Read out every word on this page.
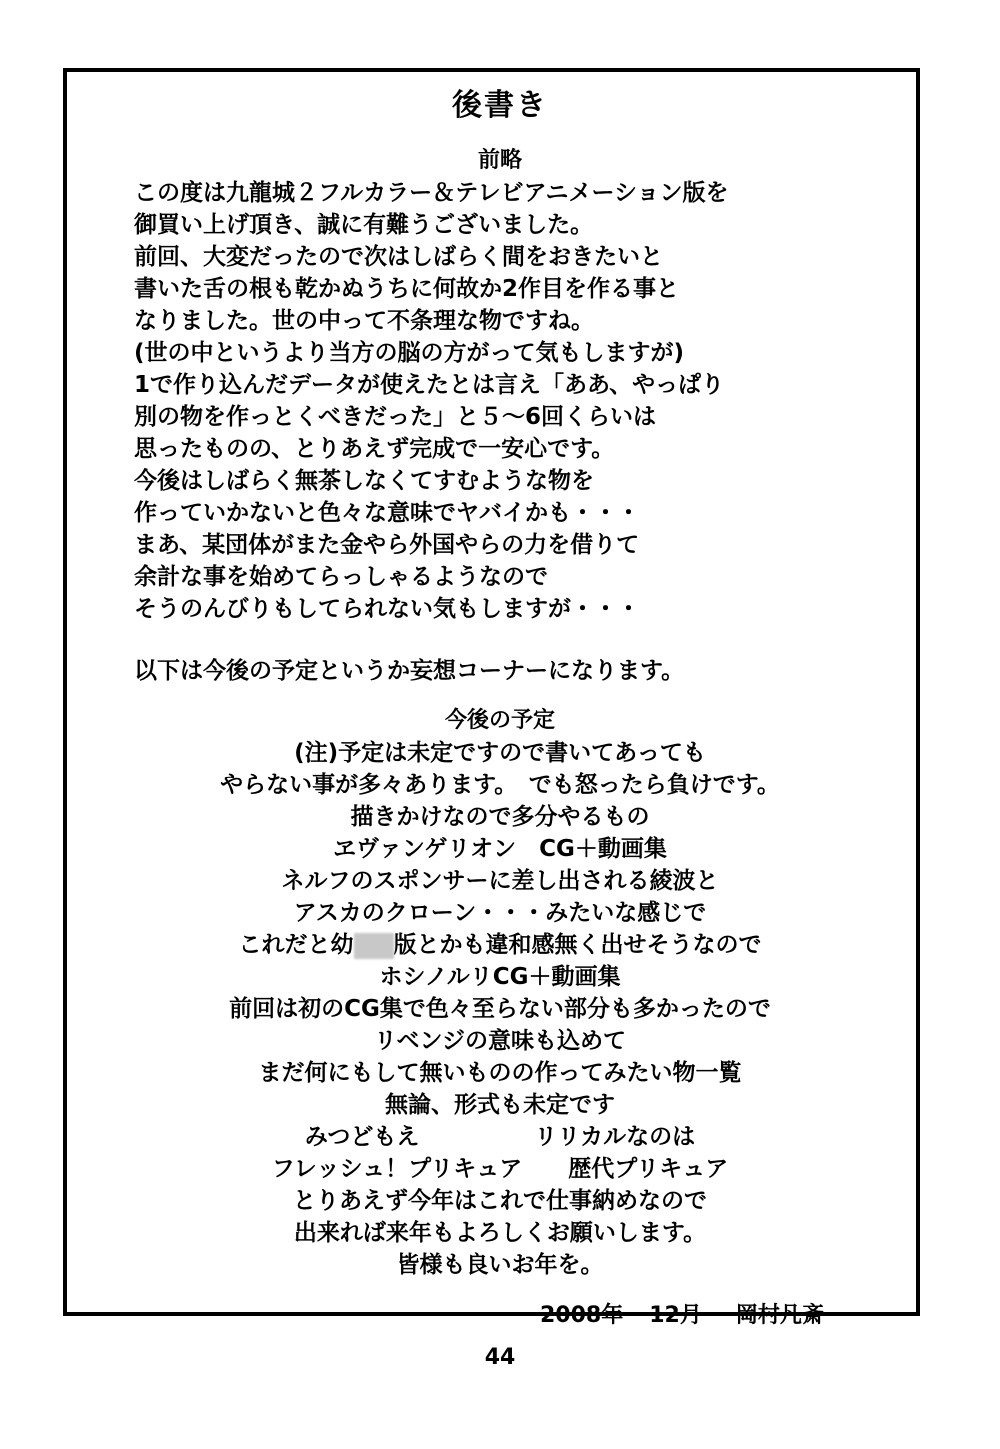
後書き
前略
この度は九龍城２フルカラー＆テレビアニメーション版を
御買い上げ頂き、誠に有難うございました。
前回、大変だったので次はしばらく間をおきたいと
書いた舌の根も乾かぬうちに何故か2作目を作る事と
なりました。世の中って不条理な物ですね。
(世の中というより当方の脳の方がって気もしますが)
1で作り込んだデータが使えたとは言え「ああ、やっぱり
別の物を作っとくべきだった」と５～6回くらいは
思ったものの、とりあえず完成で一安心です。
今後はしばらく無茶しなくてすむような物を
作っていかないと色々な意味でヤバイかも・・・
まあ、某団体がまた金やら外国やらの力を借りて
余計な事を始めてらっしゃるようなので
そうのんびりもしてられない気もしますが・・・
以下は今後の予定というか妄想コーナーになります。
今後の予定
(注)予定は未定ですので書いてあっても
やらない事が多々あります。　でも怒ったら負けです。
描きかけなので多分やるもの
ヱヴァンゲリオン　CG＋動画集
ネルフのスポンサーに差し出される綾波と
アスカのクローン・・・みたいな感じで
これだと幼 版とかも違和感無く出せそうなので
ホシノルリCG＋動画集
前回は初のCG集で色々至らない部分も多かったので
リベンジの意味も込めて
まだ何にもして無いものの作ってみたい物一覧
無論、形式も未定です
みつどもえ　　　　　リリカルなのは
フレッシュ！プリキュア　　歴代プリキュア
とりあえず今年はこれで仕事納めなので
出来れば来年もよろしくお願いします。
皆様も良いお年を。
2008年 12月 岡村凡斎
44
